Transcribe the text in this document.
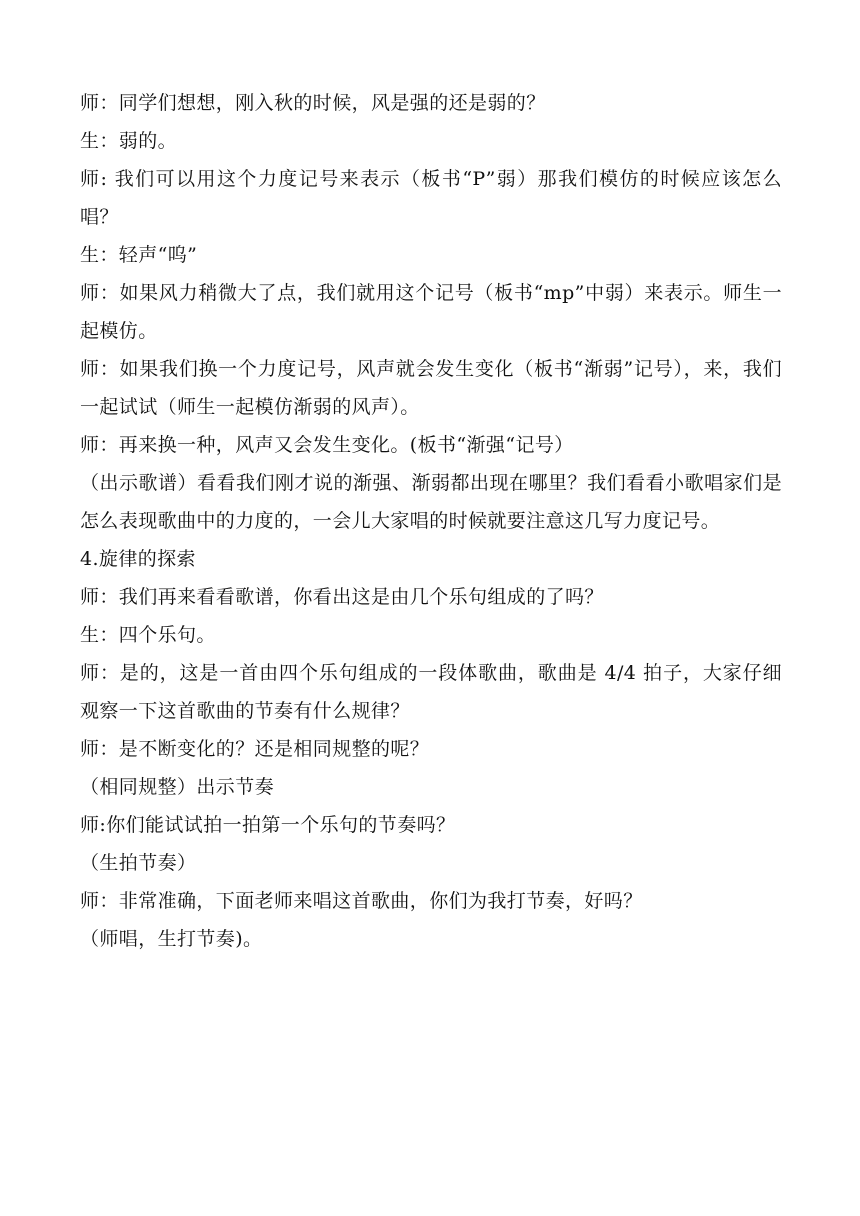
师：同学们想想，刚入秋的时候，风是强的还是弱的？

生：弱的。

师: 我们可以用这个力度记号来表示（板书“P”弱）那我们模仿的时候应该怎么唱？

生：轻声“呜”

师：如果风力稍微大了点，我们就用这个记号（板书“mp”中弱）来表示。师生一起模仿。

师：如果我们换一个力度记号，风声就会发生变化（板书“渐弱”记号），来，我们一起试试（师生一起模仿渐弱的风声）。

师：再来换一种，风声又会发生变化。(板书“渐强“记号）

（出示歌谱）看看我们刚才说的渐强、渐弱都出现在哪里？我们看看小歌唱家们是怎么表现歌曲中的力度的，一会儿大家唱的时候就要注意这几写力度记号。

4.旋律的探索

师：我们再来看看歌谱，你看出这是由几个乐句组成的了吗？

生：四个乐句。

师：是的，这是一首由四个乐句组成的一段体歌曲，歌曲是 4/4 拍子，大家仔细观察一下这首歌曲的节奏有什么规律？

师：是不断变化的？还是相同规整的呢？

（相同规整）出示节奏

师:你们能试试拍一拍第一个乐句的节奏吗？

（生拍节奏）

师：非常准确，下面老师来唱这首歌曲，你们为我打节奏，好吗？

（师唱，生打节奏)。
